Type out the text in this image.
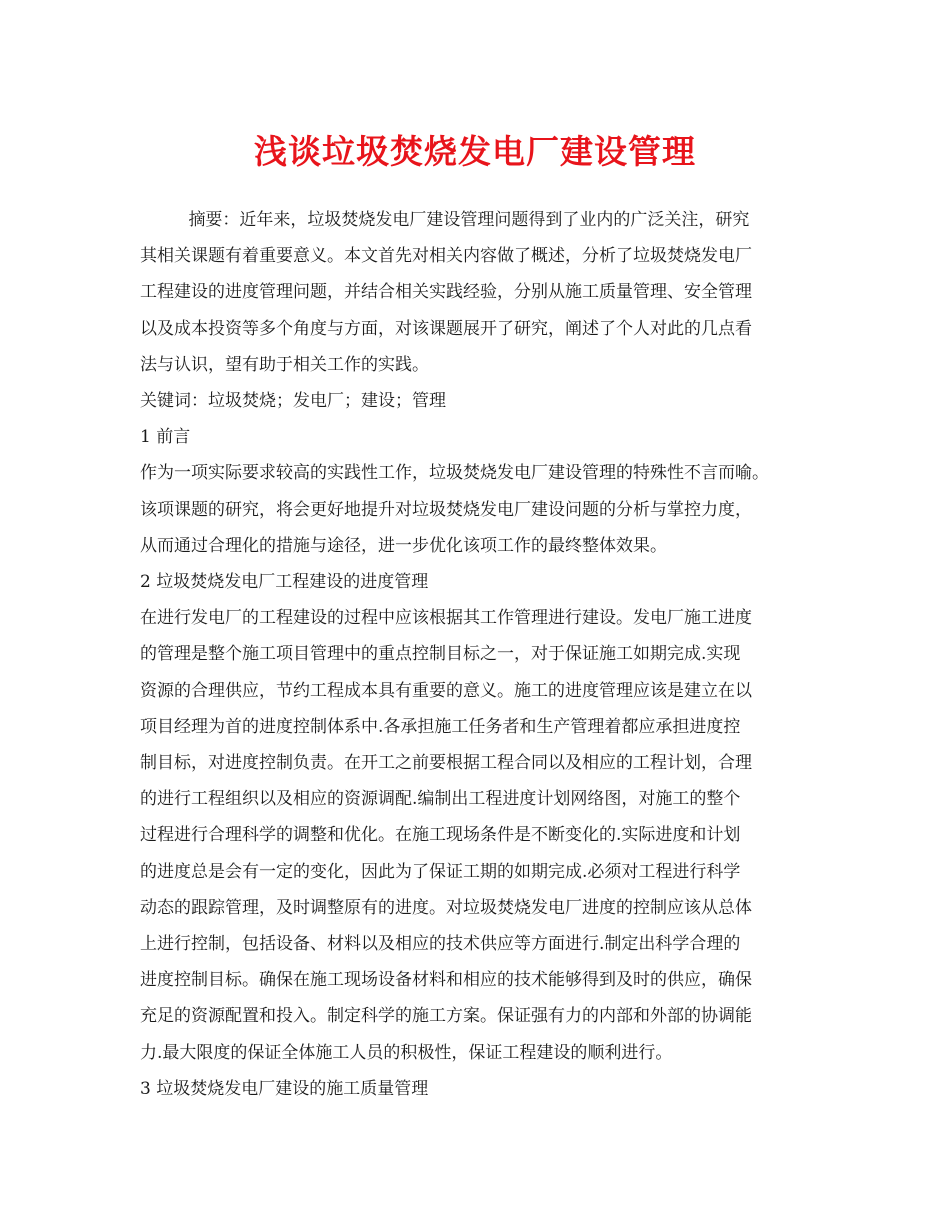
浅谈垃圾焚烧发电厂建设管理

摘要：近年来，垃圾焚烧发电厂建设管理问题得到了业内的广泛关注，研究
其相关课题有着重要意义。本文首先对相关内容做了概述，分析了垃圾焚烧发电厂
工程建设的进度管理问题，并结合相关实践经验，分别从施工质量管理、安全管理
以及成本投资等多个角度与方面，对该课题展开了研究，阐述了个人对此的几点看
法与认识，望有助于相关工作的实践。

关键词：垃圾焚烧；发电厂；建设；管理

1 前言

作为一项实际要求较高的实践性工作，垃圾焚烧发电厂建设管理的特殊性不言而喻。
该项课题的研究，将会更好地提升对垃圾焚烧发电厂建设问题的分析与掌控力度，
从而通过合理化的措施与途径，进一步优化该项工作的最终整体效果。

2 垃圾焚烧发电厂工程建设的进度管理

在进行发电厂的工程建设的过程中应该根据其工作管理进行建设。发电厂施工进度
的管理是整个施工项目管理中的重点控制目标之一，对于保证施工如期完成.实现
资源的合理供应，节约工程成本具有重要的意义。施工的进度管理应该是建立在以
项目经理为首的进度控制体系中.各承担施工任务者和生产管理着都应承担进度控
制目标，对进度控制负责。在开工之前要根据工程合同以及相应的工程计划，合理
的进行工程组织以及相应的资源调配.编制出工程进度计划网络图，对施工的整个
过程进行合理科学的调整和优化。在施工现场条件是不断变化的.实际进度和计划
的进度总是会有一定的变化，因此为了保证工期的如期完成.必须对工程进行科学
动态的跟踪管理，及时调整原有的进度。对垃圾焚烧发电厂进度的控制应该从总体
上进行控制，包括设备、材料以及相应的技术供应等方面进行.制定出科学合理的
进度控制目标。确保在施工现场设备材料和相应的技术能够得到及时的供应，确保
充足的资源配置和投入。制定科学的施工方案。保证强有力的内部和外部的协调能
力.最大限度的保证全体施工人员的积极性，保证工程建设的顺利进行。

3 垃圾焚烧发电厂建设的施工质量管理
